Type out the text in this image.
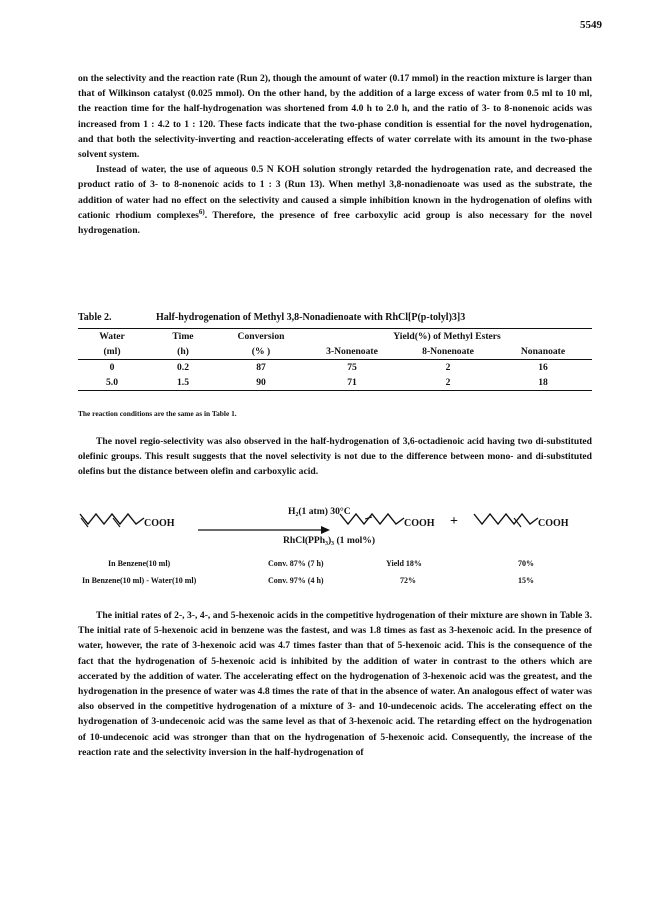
5549

on the selectivity and the reaction rate (Run 2), though the amount of water (0.17 mmol) in the reaction mixture is larger than that of Wilkinson catalyst (0.025 mmol). On the other hand, by the addition of a large excess of water from 0.5 ml to 10 ml, the reaction time for the half-hydrogenation was shortened from 4.0 h to 2.0 h, and the ratio of 3- to 8-nonenoic acids was increased from 1 : 4.2 to 1 : 120. These facts indicate that the two-phase condition is essential for the novel hydrogenation, and that both the selectivity-inverting and reaction-accelerating effects of water correlate with its amount in the two-phase solvent system.

Instead of water, the use of aqueous 0.5 N KOH solution strongly retarded the hydrogenation rate, and decreased the product ratio of 3- to 8-nonenoic acids to 1 : 3 (Run 13). When methyl 3,8-nonadienoate was used as the substrate, the addition of water had no effect on the selectivity and caused a simple inhibition known in the hydrogenation of olefins with cationic rhodium complexes$^{6)}$. Therefore, the presence of free carboxylic acid group is also necessary for the novel hydrogenation.

Table 2.	Half-hydrogenation of Methyl 3,8-Nonadienoate with RhCl[P(p-tolyl)3]3
Water	Time	Conversion	Yield(%) of Methyl Esters		
(ml)	(h)	(% )	3-Nonenoate	8-Nonenoate	Nonanoate
0	0.2	87	75	2	16
5.0	1.5	90	71	2	18
The reaction conditions are the same as in Table 1.
The novel regio-selectivity was also observed in the half-hydrogenation of 3,6-octadienoic acid having two di-substituted olefinic groups. This result suggests that the novel selectivity is not due to the difference between mono- and di-substituted olefins but the distance between olefin and carboxylic acid.
COOH
H₂(1 atm) 30°C
RhCl(PPh₃)₃ (1 mol%)
COOH +	COOH
In Benzene(10 ml)	Conv. 87% (7 h)	Yield 18%	70%
In Benzene(10 ml) - Water(10 ml)	Conv. 97% (4 h)	72%	15%
The initial rates of 2-, 3-, 4-, and 5-hexenoic acids in the competitive hydrogenation of their mixture are shown in Table 3. The initial rate of 5-hexenoic acid in benzene was the fastest, and was 1.8 times as fast as 3-hexenoic acid. In the presence of water, however, the rate of 3-hexenoic acid was 4.7 times faster than that of 5-hexenoic acid. This is the consequence of the fact that the hydrogenation of 5-hexenoic acid is inhibited by the addition of water in contrast to the others which are accerated by the addition of water. The accelerating effect on the hydrogenation of 3-hexenoic acid was the greatest, and the hydrogenation in the presence of water was 4.8 times the rate of that in the absence of water. An analogous effect of water was also observed in the competitive hydrogenation of a mixture of 3- and 10-undecenoic acids. The accelerating effect on the hydrogenation of 3-undecenoic acid was the same level as that of 3-hexenoic acid. The retarding effect on the hydrogenation of 10-undecenoic acid was stronger than that on the hydrogenation of 5-hexenoic acid. Consequently, the increase of the reaction rate and the selectivity inversion in the half-hydrogenation of
